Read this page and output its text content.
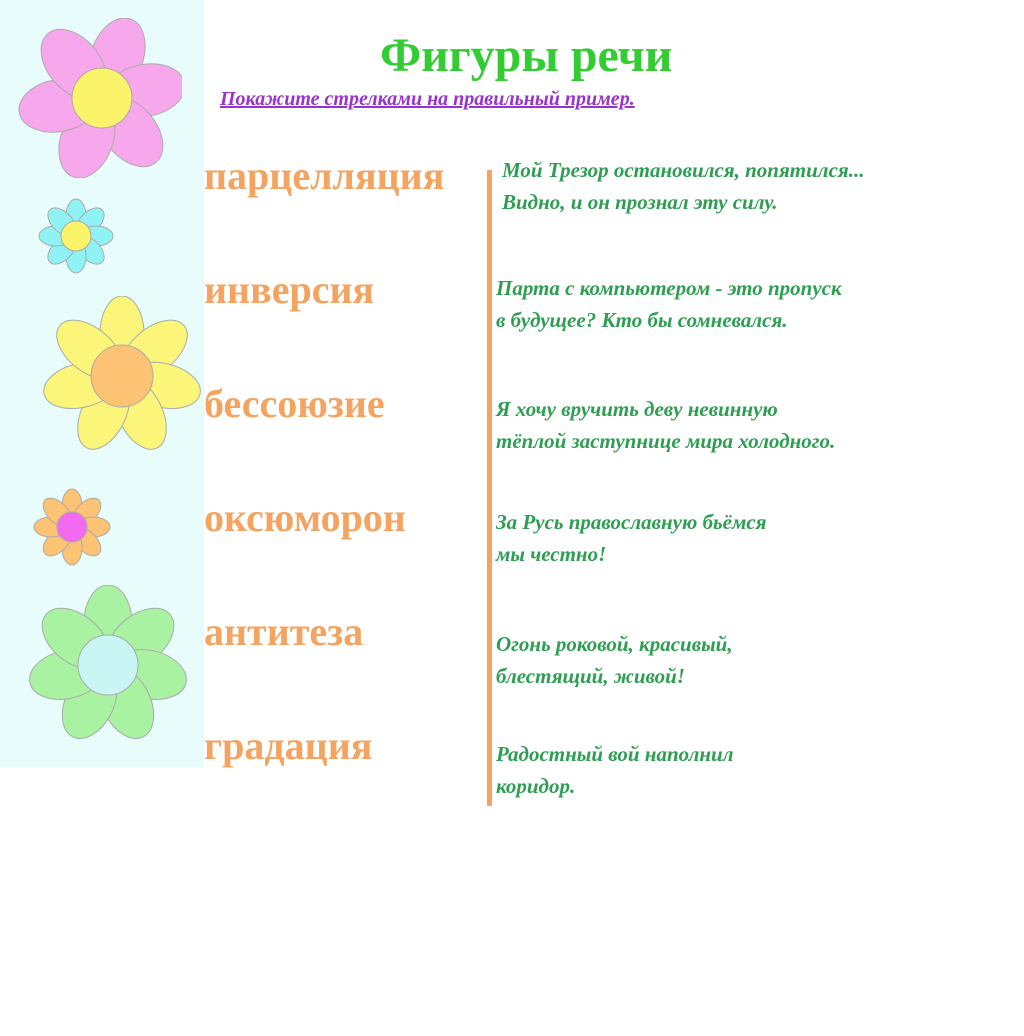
Фигуры речи
Покажите стрелками на правильный пример.
парцелляция
инверсия
бессоюзие
оксюморон
антитеза
градация
Мой Трезор остановился, попятился...
Видно, и он прознал эту силу.
Парта с компьютером - это пропуск
в будущее? Кто бы сомневался.
Я хочу вручить деву невинную
тёплой заступнице мира холодного.
За Русь православную бьёмся
мы честно!
Огонь роковой, красивый,
блестящий, живой!
Радостный вой наполнил
коридор.
